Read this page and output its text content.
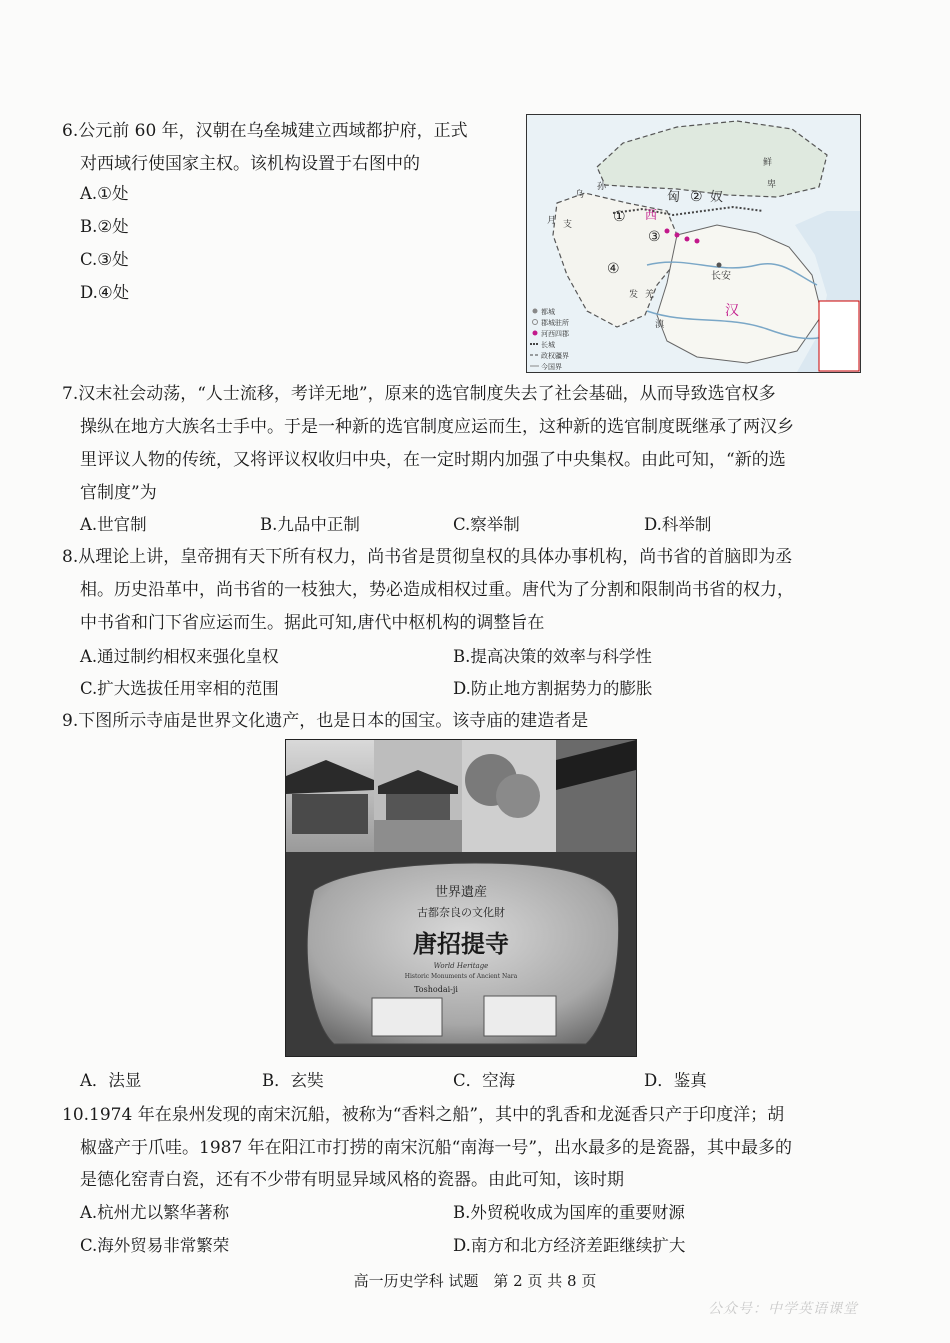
6.公元前 60 年，汉朝在乌垒城建立西域都护府，正式
对西域行使国家主权。该机构设置于右图中的
A.①处
B.②处
C.③处
D.④处
①
②
③
④
匈 奴
西
长安
汉
鲜
卑
乌
孙
月 支
发 羌
滇
都城
郡城驻所
河西四郡
长城
政权疆界
今国界
7.汉末社会动荡，“人士流移，考详无地”，原来的选官制度失去了社会基础，从而导致选官权多
操纵在地方大族名士手中。于是一种新的选官制度应运而生，这种新的选官制度既继承了两汉乡
里评议人物的传统，又将评议权收归中央，在一定时期内加强了中央集权。由此可知，“新的选
官制度”为
A.世官制	B.九品中正制	C.察举制	D.科举制
8.从理论上讲，皇帝拥有天下所有权力，尚书省是贯彻皇权的具体办事机构，尚书省的首脑即为丞
相。历史沿革中，尚书省的一枝独大，势必造成相权过重。唐代为了分割和限制尚书省的权力，
中书省和门下省应运而生。据此可知,唐代中枢机构的调整旨在
A.通过制约相权来强化皇权	B.提高决策的效率与科学性
C.扩大选拔任用宰相的范围	D.防止地方割据势力的膨胀
9.下图所示寺庙是世界文化遗产，也是日本的国宝。该寺庙的建造者是
世界遺産
古都奈良の文化財
唐招提寺
World Heritage
Historic Monuments of Ancient Nara
Toshodai-ji
A．法显	B．玄奘	C．空海	D．鉴真
10.1974 年在泉州发现的南宋沉船，被称为“香料之船”，其中的乳香和龙涎香只产于印度洋；胡
椒盛产于爪哇。1987 年在阳江市打捞的南宋沉船“南海一号”，出水最多的是瓷器，其中最多的
是德化窑青白瓷，还有不少带有明显异域风格的瓷器。由此可知，该时期
A.杭州尤以繁华著称	B.外贸税收成为国库的重要财源
C.海外贸易非常繁荣	D.南方和北方经济差距继续扩大
高一历史学科 试题　第 2 页 共 8 页
公众号：中学英语课堂
